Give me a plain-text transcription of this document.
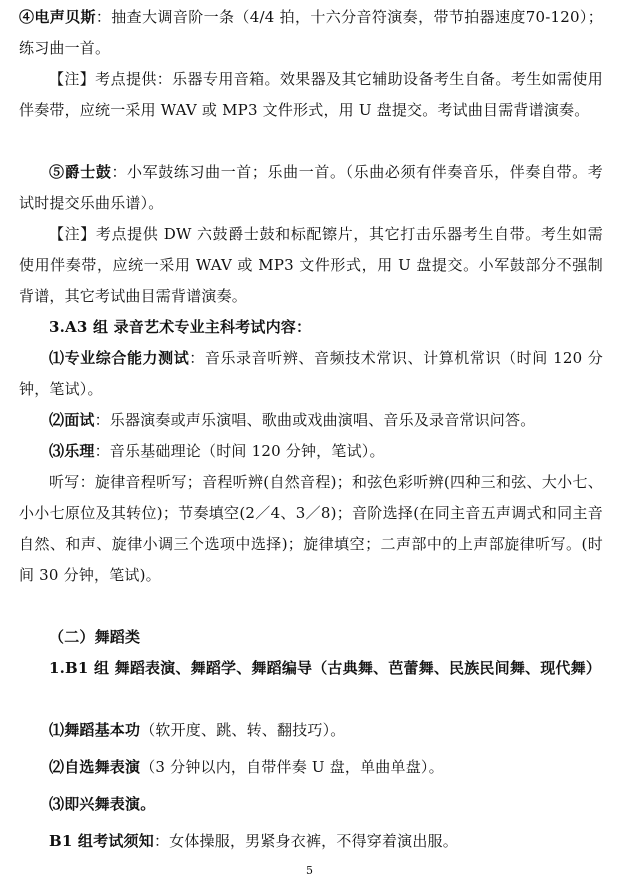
④电声贝斯：抽查大调音阶一条（4/4 拍，十六分音符演奏，带节拍器速度70-120）；练习曲一首。

【注】考点提供：乐器专用音箱。效果器及其它辅助设备考生自备。考生如需使用伴奏带，应统一采用 WAV 或 MP3 文件形式，用 U 盘提交。考试曲目需背谱演奏。

⑤爵士鼓：小军鼓练习曲一首；乐曲一首。（乐曲必须有伴奏音乐，伴奏自带。考试时提交乐曲乐谱）。

【注】考点提供 DW 六鼓爵士鼓和标配镲片，其它打击乐器考生自带。考生如需使用伴奏带，应统一采用 WAV 或 MP3 文件形式，用 U 盘提交。小军鼓部分不强制背谱，其它考试曲目需背谱演奏。

3.A3 组 录音艺术专业主科考试内容：

⑴专业综合能力测试：音乐录音听辨、音频技术常识、计算机常识（时间 120 分钟，笔试）。

⑵面试：乐器演奏或声乐演唱、歌曲或戏曲演唱、音乐及录音常识问答。

⑶乐理：音乐基础理论（时间 120 分钟，笔试）。

听写：旋律音程听写；音程听辨(自然音程)；和弦色彩听辨(四种三和弦、大小七、小小七原位及其转位)；节奏填空(2／4、3／8)；音阶选择(在同主音五声调式和同主音自然、和声、旋律小调三个选项中选择)；旋律填空；二声部中的上声部旋律听写。(时间 30 分钟，笔试)。

（二）舞蹈类

1.B1 组 舞蹈表演、舞蹈学、舞蹈编导（古典舞、芭蕾舞、民族民间舞、现代舞）

⑴舞蹈基本功（软开度、跳、转、翻技巧）。

⑵自选舞表演（3 分钟以内，自带伴奏 U 盘，单曲单盘）。

⑶即兴舞表演。

B1 组考试须知：女体操服，男紧身衣裤，不得穿着演出服。

5
